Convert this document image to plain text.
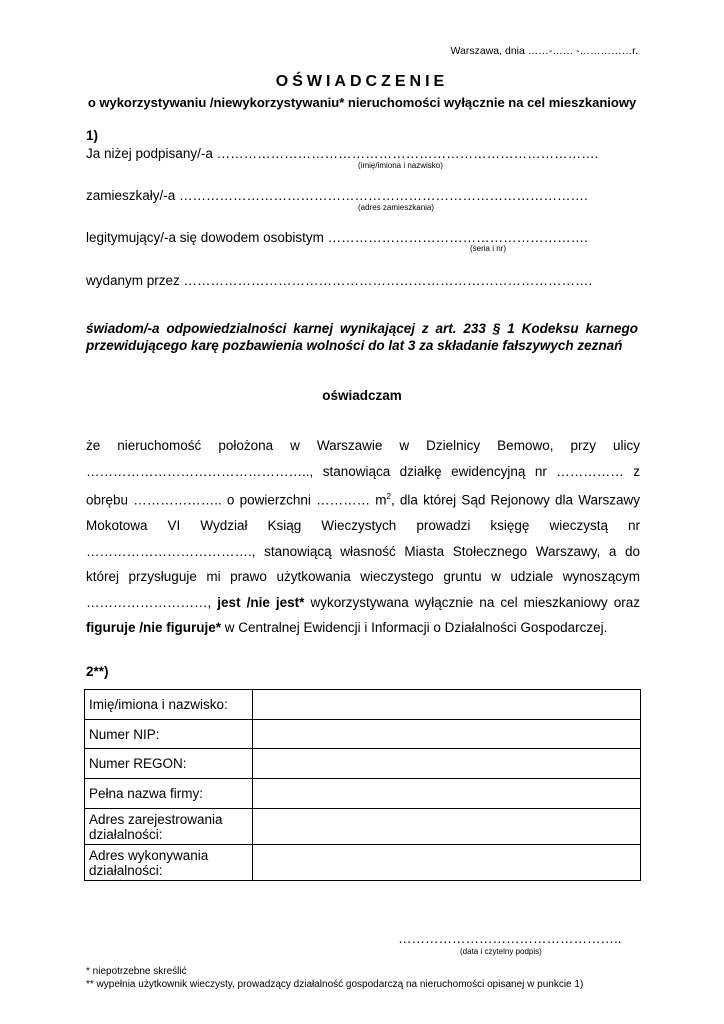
Warszawa, dnia ……-…… -……………r.
OŚWIADCZENIE
o wykorzystywaniu /niewykorzystywaniu* nieruchomości wyłącznie na cel mieszkaniowy
1)
Ja niżej podpisany/-a ………………………………………………………………………….
(imię/imiona i nazwisko)
zamieszkały/-a ……………………………………………………………………………….
(adres zamieszkania)
legitymujący/-a się dowodem osobistym ………………………………………………….
(seria i nr)
wydanym przez ……………………………………………………………………………….
świadom/-a odpowiedzialności karnej wynikającej z art. 233 § 1 Kodeksu karnego przewidującego karę pozbawienia wolności do lat 3 za składanie fałszywych zeznań
oświadczam
że nieruchomość położona w Warszawie w Dzielnicy Bemowo, przy ulicy ………………………………………….., stanowiąca działkę ewidencyjną nr …………… z obrębu ……………….. o powierzchni ………… $m^2$, dla której Sąd Rejonowy dla Warszawy Mokotowa VI Wydział Ksiąg Wieczystych prowadzi księgę wieczystą nr ………………………………., stanowiącą własność Miasta Stołecznego Warszawy, a do której przysługuje mi prawo użytkowania wieczystego gruntu w udziale wynoszącym ………………………, jest /nie jest* wykorzystywana wyłącznie na cel mieszkaniowy oraz figuruje /nie figuruje* w Centralnej Ewidencji i Informacji o Działalności Gospodarczej.
2**)
Imię/imiona i nazwisko:	
Numer NIP:	
Numer REGON:	
Pełna nazwa firmy:	
Adres zarejestrowania działalności:	
Adres wykonywania działalności:	
…………………………………………..
(data i czytelny podpis)
* niepotrzebne skreślić
** wypełnia użytkownik wieczysty, prowadzący działalność gospodarczą na nieruchomości opisanej w punkcie 1)
